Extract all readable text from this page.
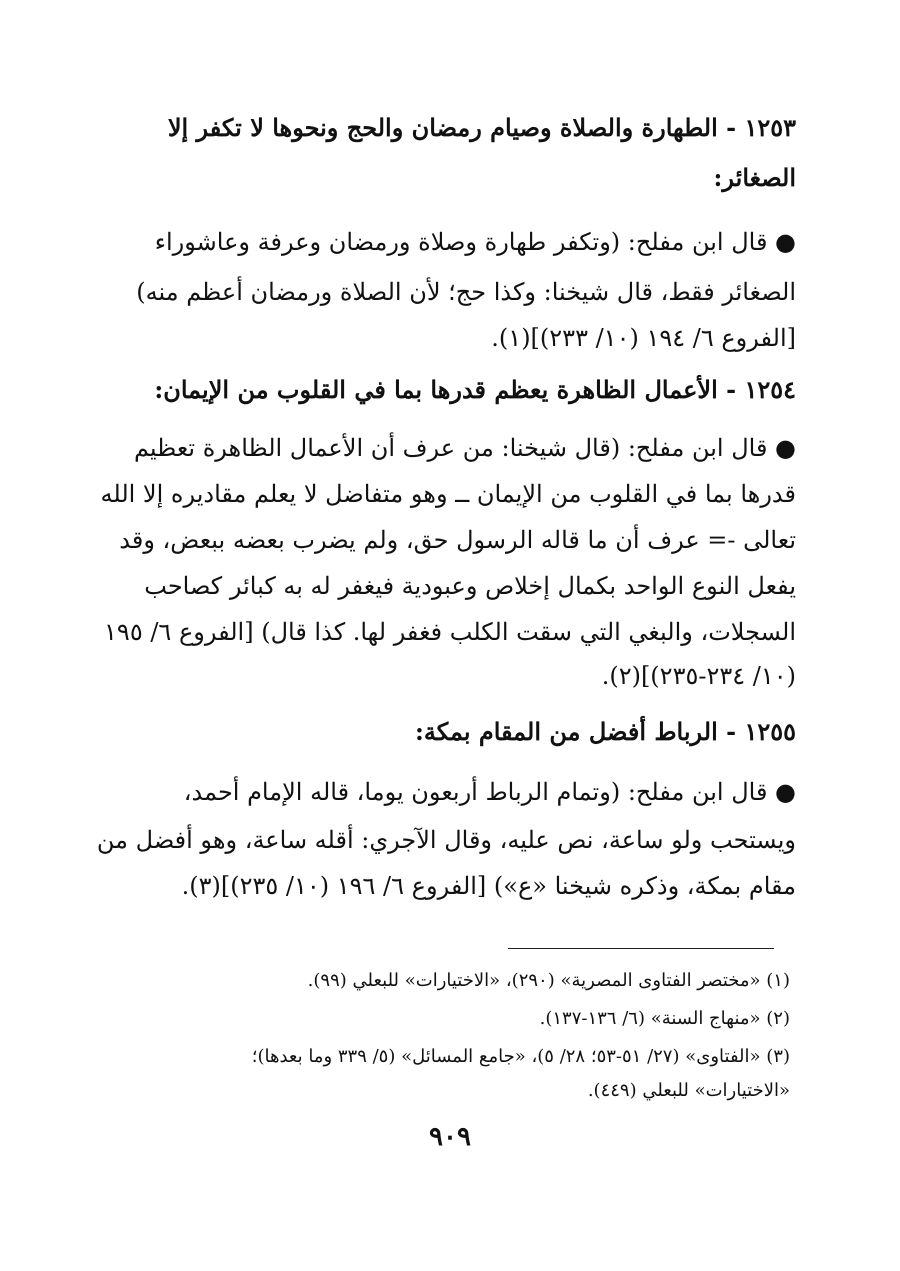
١٢٥٣ - الطهارة والصلاة وصيام رمضان والحج ونحوها لا تكفر إلا
الصغائر:
● قال ابن مفلح: (وتكفر طهارة وصلاة ورمضان وعرفة وعاشوراء
الصغائر فقط، قال شيخنا: وكذا حج؛ لأن الصلاة ورمضان أعظم منه)
[الفروع ٦/ ١٩٤ (١٠/ ٢٣٣)](١).
١٢٥٤ - الأعمال الظاهرة يعظم قدرها بما في القلوب من الإيمان:
● قال ابن مفلح: (قال شيخنا: من عرف أن الأعمال الظاهرة تعظيم
قدرها بما في القلوب من الإيمان ــ وهو متفاضل لا يعلم مقاديره إلا الله
تعالى -= عرف أن ما قاله الرسول حق، ولم يضرب بعضه ببعض، وقد
يفعل النوع الواحد بكمال إخلاص وعبودية فيغفر له به كبائر كصاحب
السجلات، والبغي التي سقت الكلب فغفر لها. كذا قال) [الفروع ٦/ ١٩٥
(١٠/ ٢٣٤-٢٣٥)](٢).
١٢٥٥ - الرباط أفضل من المقام بمكة:
● قال ابن مفلح: (وتمام الرباط أربعون يوما، قاله الإمام أحمد،
ويستحب ولو ساعة، نص عليه، وقال الآجري: أقله ساعة، وهو أفضل من
مقام بمكة، وذكره شيخنا «ع») [الفروع ٦/ ١٩٦ (١٠/ ٢٣٥)](٣).
(١) «مختصر الفتاوى المصرية» (٢٩٠)، «الاختيارات» للبعلي (٩٩).
(٢) «منهاج السنة» (٦/ ١٣٦-١٣٧).
(٣) «الفتاوى» (٢٧/ ٥١-٥٣؛ ٢٨/ ٥)، «جامع المسائل» (٥/ ٣٣٩ وما بعدها)؛
«الاختيارات» للبعلي (٤٤٩).
٩٠٩
